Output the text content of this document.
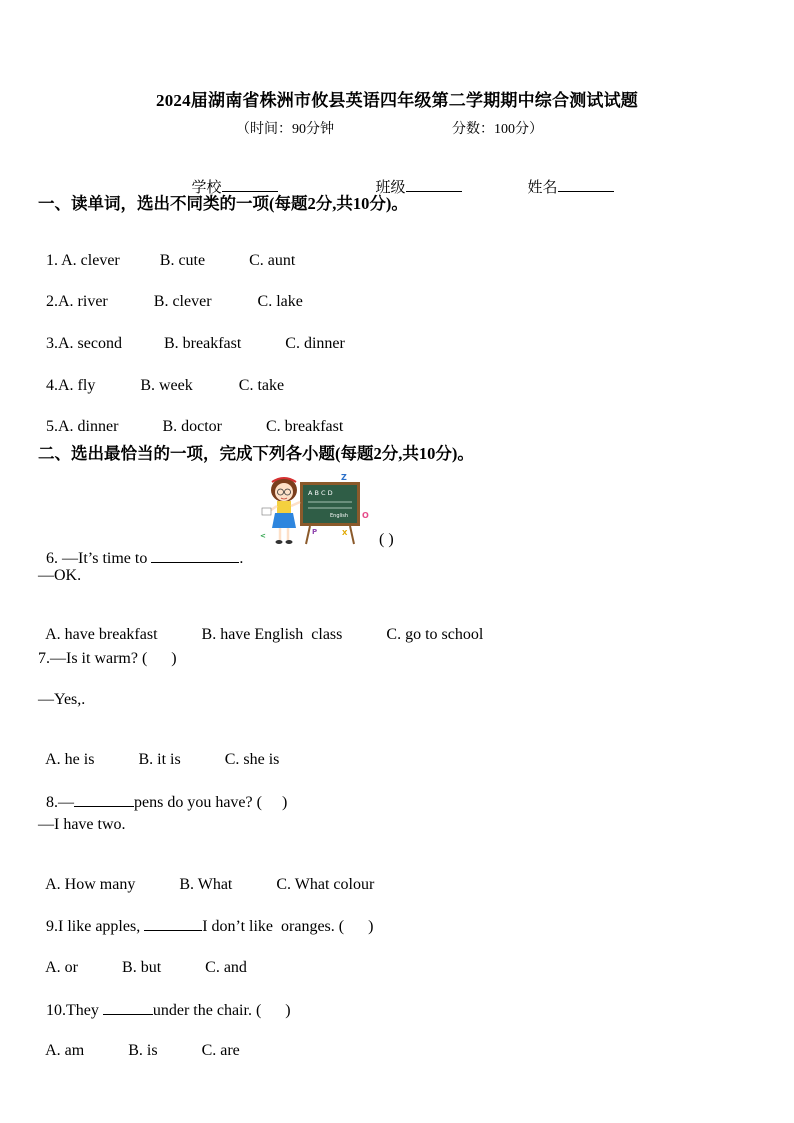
2024届湖南省株洲市攸县英语四年级第二学期期中综合测试试题
（时间：90分钟	分数：100分）

学校	班级	姓名

一、读单词，选出不同类的一项(每题2分,共10分)。

1. A. clever	B. cute	C. aunt

2.A. river	B. clever	C. lake

3.A. second	B. breakfast	C. dinner

4.A. fly	B. week	C. take

5.A. dinner	B. doctor	C. breakfast

二、选出最恰当的一项，完成下列各小题(每题2分,共10分)。
A B C D
English
Z
O
P	X
<

6. —It’s time to	.

( )
—OK.

A. have breakfast	B. have English  class	C. go to school

7.—Is it warm? (      )
—Yes,.

A. he is	B. it is	C. she is

8.—	pens do you have? (     )

—I have two.

A. How many	B. What	C. What colour

9.I like apples,	I don’t like  oranges. (      )

A. or	B. but	C. and

10.They	under the chair. (      )

A. am	B. is	C. are
